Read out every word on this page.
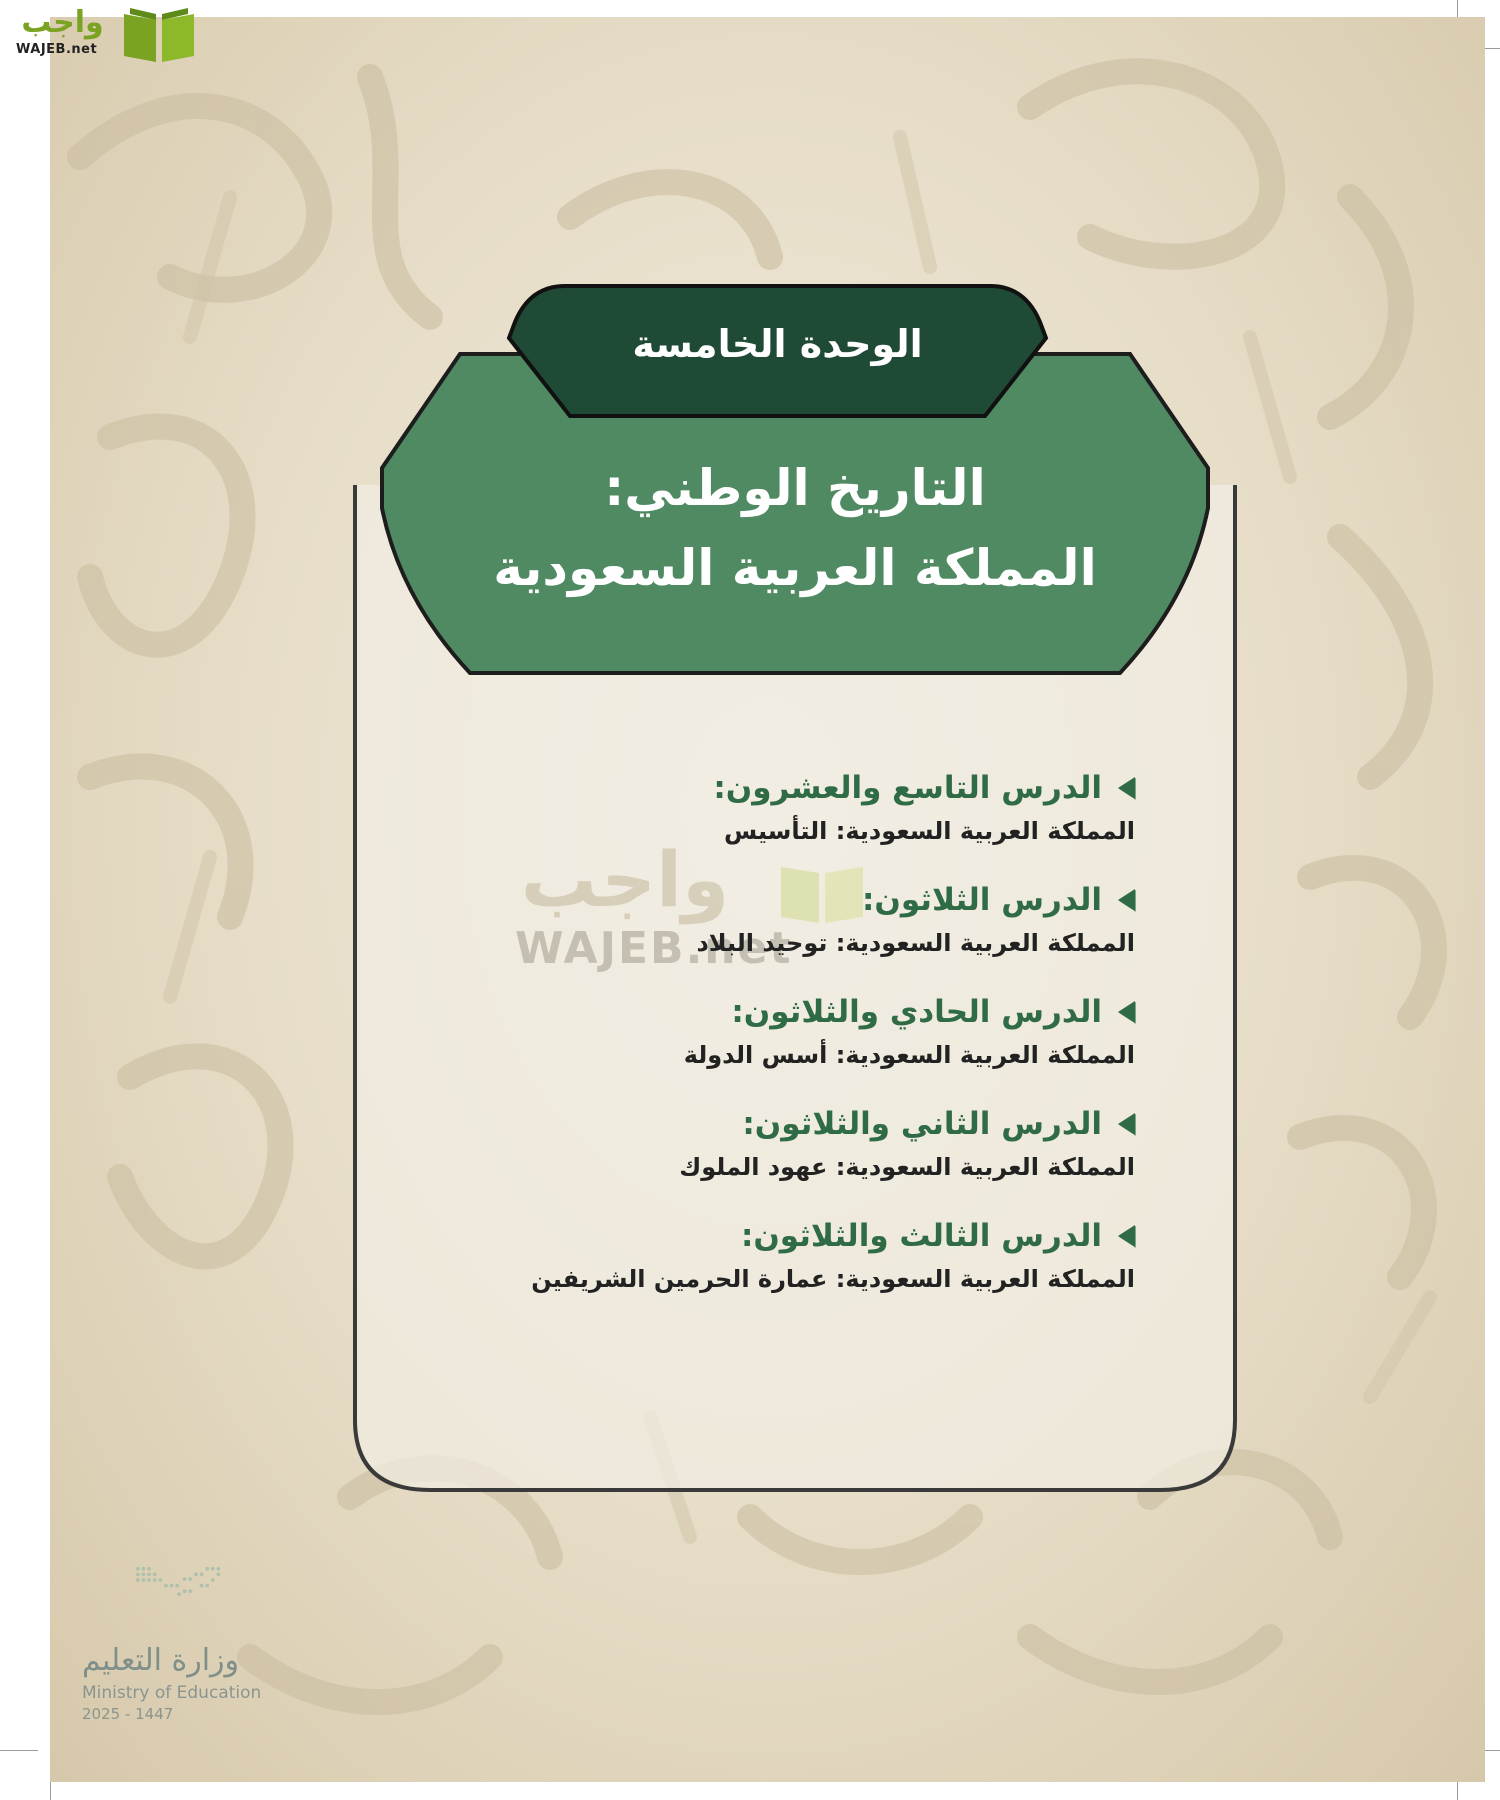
واجب
WAJEB.net
الوحدة الخامسة
التاريخ الوطني:
المملكة العربية السعودية
واجب
WAJEB.net
الدرس التاسع والعشرون:
المملكة العربية السعودية: التأسيس
الدرس الثلاثون:
المملكة العربية السعودية: توحيد البلاد
الدرس الحادي والثلاثون:
المملكة العربية السعودية: أسس الدولة
الدرس الثاني والثلاثون:
المملكة العربية السعودية: عهود الملوك
الدرس الثالث والثلاثون:
المملكة العربية السعودية: عمارة الحرمين الشريفين
وزارة التعليم
Ministry of Education
2025 - 1447
